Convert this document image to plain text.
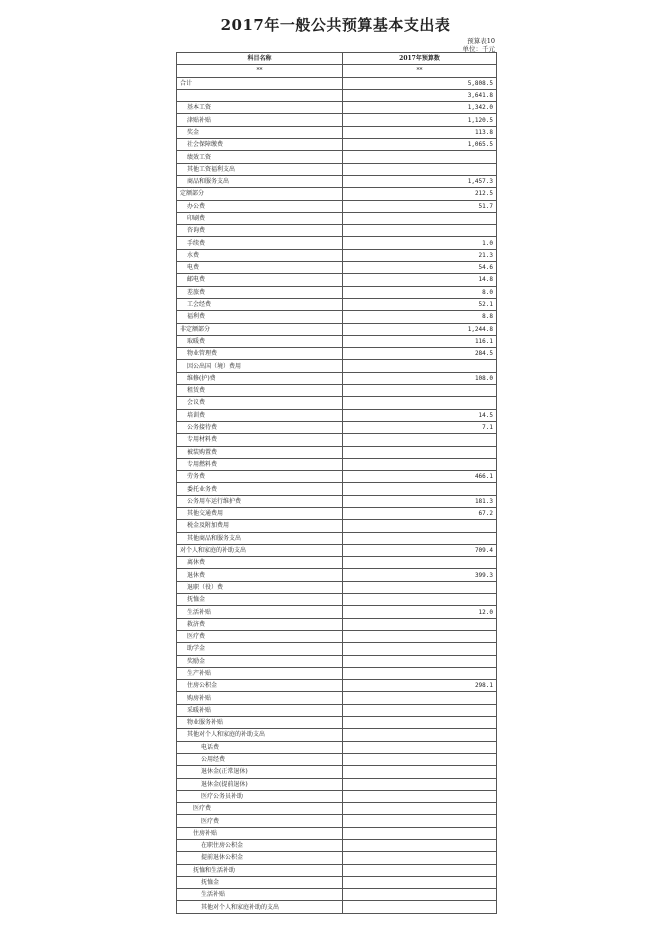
2017年一般公共预算基本支出表
预算表10
单位：千元
科目名称	2017年预算数
**	**
合计	5,808.5
	3,641.8
基本工资	1,342.0
津贴补贴	1,120.5
奖金	113.8
社会保障缴费	1,065.5
绩效工资	
其他工资福利支出	
商品和服务支出	1,457.3
定额部分	212.5
办公费	51.7
印刷费	
咨询费	
手续费	1.0
水费	21.3
电费	54.6
邮电费	14.8
差旅费	8.0
工会经费	52.1
福利费	8.8
非定额部分	1,244.8
取暖费	116.1
物业管理费	284.5
因公出国（境）费用	
维修(护)费	108.0
租赁费	
会议费	
培训费	14.5
公务接待费	7.1
专用材料费	
被装购置费	
专用燃料费	
劳务费	466.1
委托业务费	
公务用车运行维护费	181.3
其他交通费用	67.2
税金及附加费用	
其他商品和服务支出	
对个人和家庭的补助支出	709.4
离休费	
退休费	399.3
退职（役）费	
抚恤金	
生活补贴	12.0
救济费	
医疗费	
助学金	
奖励金	
生产补贴	
住房公积金	298.1
购房补贴	
采暖补贴	
物业服务补贴	
其他对个人和家庭的补助支出	
电话费	
公用经费	
退休金(正常退休)	
退休金(提前退休)	
医疗公务员补助	
医疗费	
医疗费	
住房补贴	
在职住房公积金	
提前退休公积金	
抚恤和生活补助	
抚恤金	
生活补贴	
其他对个人和家庭补助的支出	
